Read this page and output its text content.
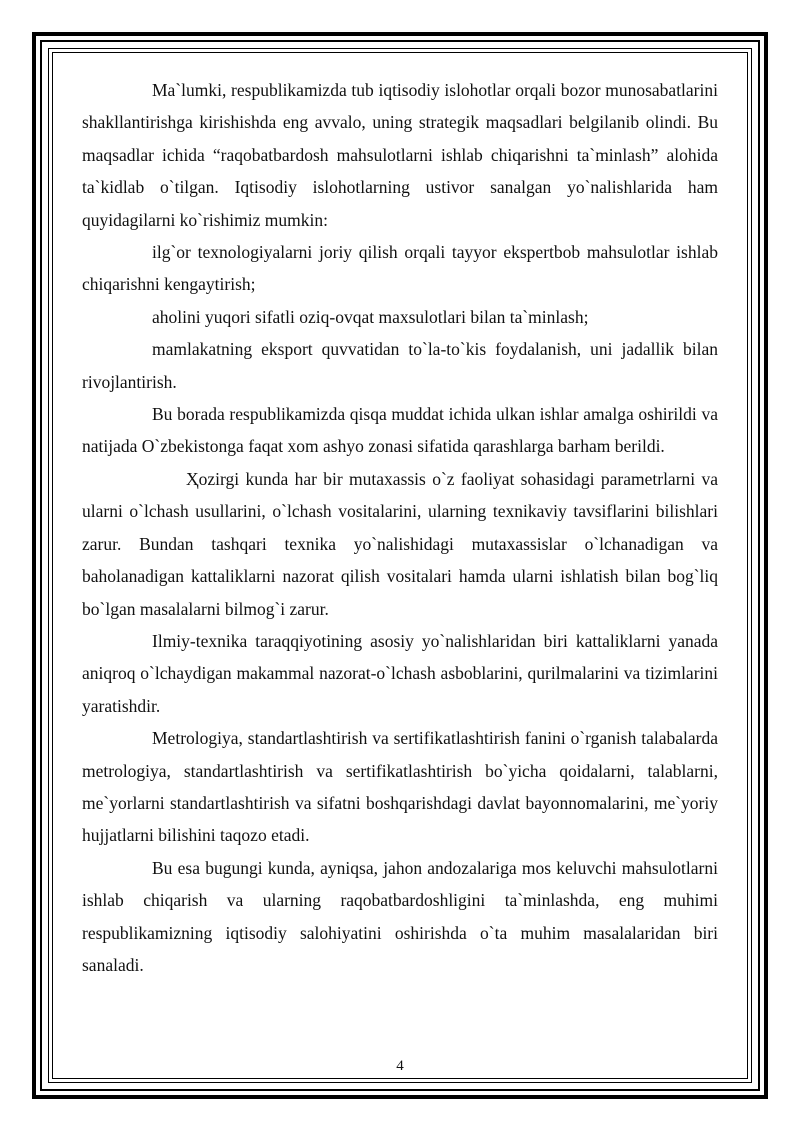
Ma`lumki, respublikamizda tub iqtisodiy islohotlar orqali bozor munosabatlarini shakllantirishga kirishishda eng avvalo, uning strategik maqsadlari belgilanib olindi. Bu maqsadlar ichida “raqobatbardosh mahsulotlarni ishlab chiqarishni ta`minlash” alohida ta`kidlab o`tilgan. Iqtisodiy islohotlarning ustivor sanalgan yo`nalishlarida ham quyidagilarni ko`rishimiz mumkin:

ilg`or texnologiyalarni joriy qilish orqali tayyor ekspertbob mahsulotlar ishlab chiqarishni kengaytirish;

aholini yuqori sifatli oziq-ovqat maxsulotlari bilan ta`minlash;

mamlakatning eksport quvvatidan to`la-to`kis foydalanish, uni jadallik bilan rivojlantirish.

Bu borada respublikamizda qisqa muddat ichida ulkan ishlar amalga oshirildi va natijada O`zbekistonga faqat xom ashyo zonasi sifatida qarashlarga barham berildi.

Ҳozirgi kunda har bir mutaxassis o`z faoliyat sohasidagi parametrlarni va ularni o`lchash usullarini, o`lchash vositalarini, ularning texnikaviy tavsiflarini bilishlari zarur. Bundan tashqari texnika yo`nalishidagi mutaxassislar o`lchanadigan va baholanadigan kattaliklarni nazorat qilish vositalari hamda ularni ishlatish bilan bog`liq bo`lgan masalalarni bilmog`i zarur.

Ilmiy-texnika taraqqiyotining asosiy yo`nalishlaridan biri kattaliklarni yanada aniqroq o`lchaydigan makammal nazorat-o`lchash asboblarini, qurilmalarini va tizimlarini yaratishdir.

Metrologiya, standartlashtirish va sertifikatlashtirish fanini o`rganish talabalarda metrologiya, standartlashtirish va sertifikatlashtirish bo`yicha qoidalarni, talablarni, me`yorlarni standartlashtirish va sifatni boshqarishdagi davlat bayonnomalarini, me`yoriy hujjatlarni bilishini taqozo etadi.

Bu esa bugungi kunda, ayniqsa, jahon andozalariga mos keluvchi mahsulotlarni ishlab chiqarish va ularning raqobatbardoshligini ta`minlashda, eng muhimi respublikamizning iqtisodiy salohiyatini oshirishda o`ta muhim masalalaridan biri sanaladi.

4
